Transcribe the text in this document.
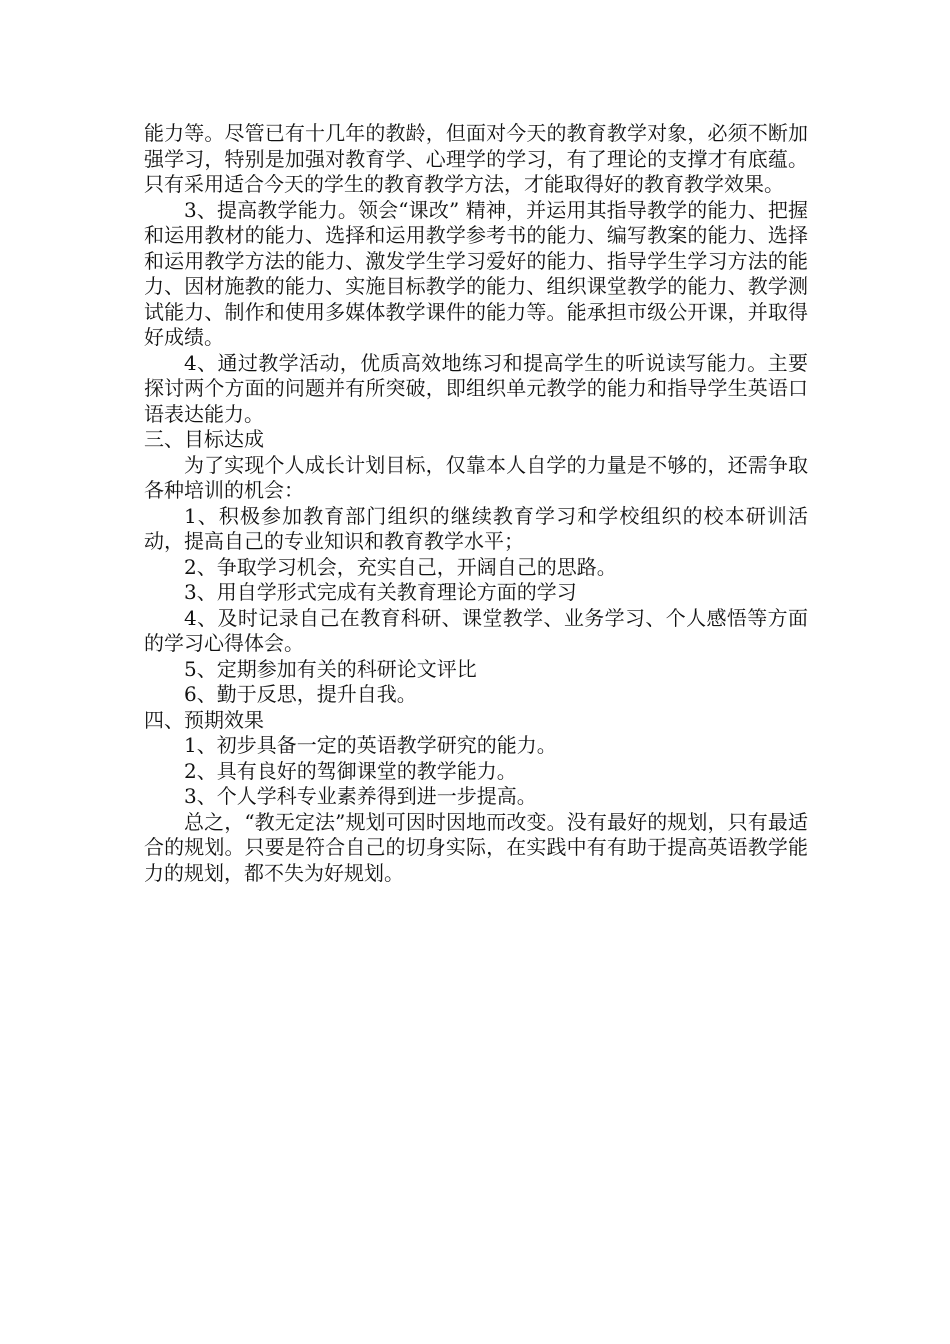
能力等。尽管已有十几年的教龄，但面对今天的教育教学对象，必须不断加强学习，特别是加强对教育学、心理学的学习，有了理论的支撑才有底蕴。只有采用适合今天的学生的教育教学方法，才能取得好的教育教学效果。

3、提高教学能力。领会“课改” 精神，并运用其指导教学的能力、把握和运用教材的能力、选择和运用教学参考书的能力、编写教案的能力、选择和运用教学方法的能力、激发学生学习爱好的能力、指导学生学习方法的能力、因材施教的能力、实施目标教学的能力、组织课堂教学的能力、教学测试能力、制作和使用多媒体教学课件的能力等。能承担市级公开课，并取得好成绩。

4、通过教学活动，优质高效地练习和提高学生的听说读写能力。主要探讨两个方面的问题并有所突破，即组织单元教学的能力和指导学生英语口语表达能力。

三、目标达成

为了实现个人成长计划目标，仅靠本人自学的力量是不够的，还需争取各种培训的机会：

1、积极参加教育部门组织的继续教育学习和学校组织的校本研训活动，提高自己的专业知识和教育教学水平；

2、争取学习机会，充实自己，开阔自己的思路。

3、用自学形式完成有关教育理论方面的学习

4、及时记录自己在教育科研、课堂教学、业务学习、个人感悟等方面的学习心得体会。

5、定期参加有关的科研论文评比

6、勤于反思，提升自我。

四、预期效果

1、初步具备一定的英语教学研究的能力。

2、具有良好的驾御课堂的教学能力。

3、个人学科专业素养得到进一步提高。

总之，“教无定法”规划可因时因地而改变。没有最好的规划，只有最适合的规划。只要是符合自己的切身实际，在实践中有有助于提高英语教学能力的规划，都不失为好规划。
